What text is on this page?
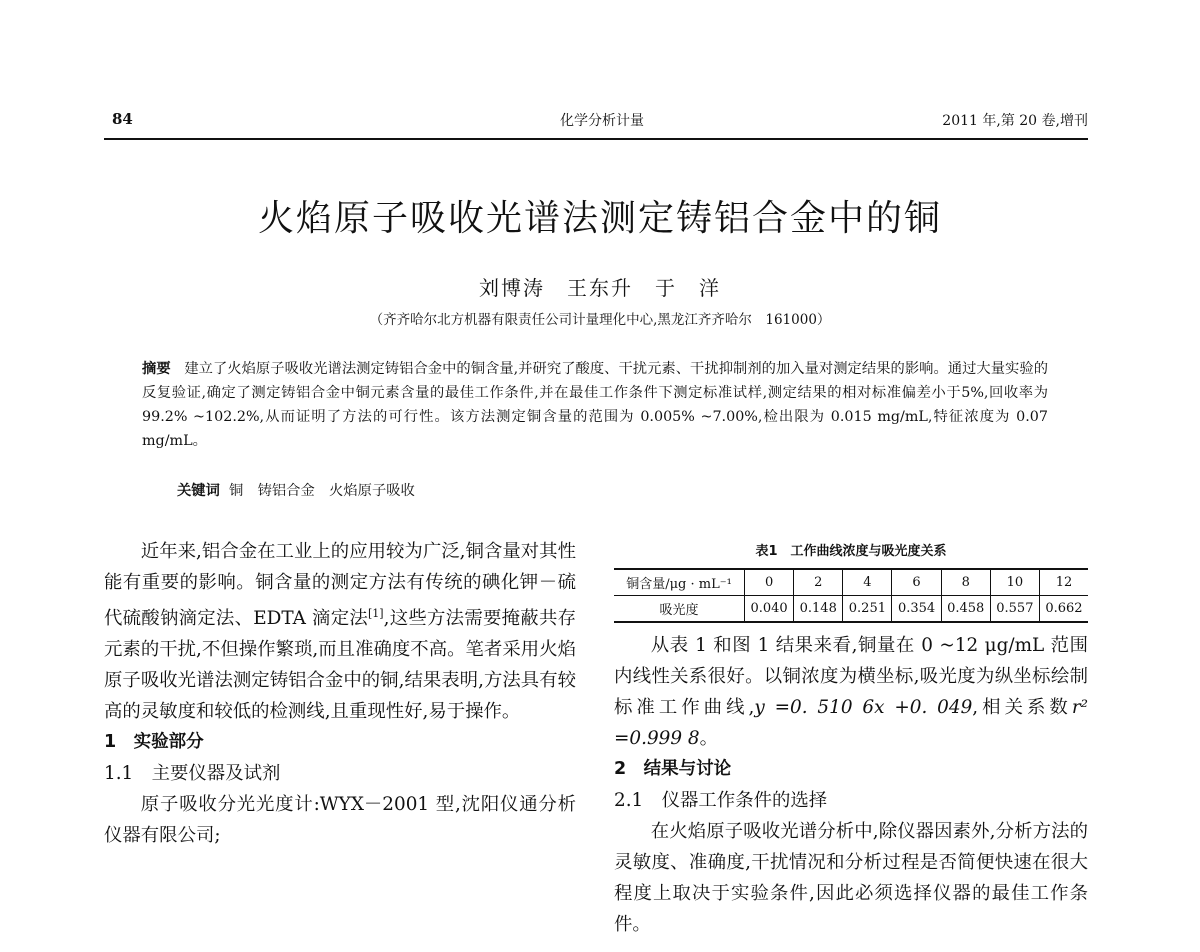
84	化学分析计量	2011 年,第 20 卷,增刊
火焰原子吸收光谱法测定铸铝合金中的铜
刘博涛　王东升　于　洋
（齐齐哈尔北方机器有限责任公司计量理化中心,黑龙江齐齐哈尔　161000）
摘要 建立了火焰原子吸收光谱法测定铸铝合金中的铜含量,并研究了酸度、干扰元素、干扰抑制剂的加入量对测定结果的影响。通过大量实验的反复验证,确定了测定铸铝合金中铜元素含量的最佳工作条件,并在最佳工作条件下测定标准试样,测定结果的相对标准偏差小于5%,回收率为 99.2% ~102.2%,从而证明了方法的可行性。该方法测定铜含量的范围为 0.005% ~7.00%,检出限为 0.015 mg/mL,特征浓度为 0.07 mg/mL。
关键词 铜　铸铝合金　火焰原子吸收

近年来,铝合金在工业上的应用较为广泛,铜含量对其性能有重要的影响。铜含量的测定方法有传统的碘化钾－硫代硫酸钠滴定法、EDTA 滴定法[1],这些方法需要掩蔽共存元素的干扰,不但操作繁琐,而且准确度不高。笔者采用火焰原子吸收光谱法测定铸铝合金中的铜,结果表明,方法具有较高的灵敏度和较低的检测线,且重现性好,易于操作。

1　实验部分

1.1　主要仪器及试剂

原子吸收分光光度计:WYX－2001 型,沈阳仪通分析仪器有限公司;

表1　工作曲线浓度与吸光度关系
铜含量/μg · mL⁻¹	0	2	4	6	8	10	12
吸光度	0.040	0.148	0.251	0.354	0.458	0.557	0.662

从表 1 和图 1 结果来看,铜量在 0 ~12 μg/mL 范围内线性关系很好。以铜浓度为横坐标,吸光度为纵坐标绘制标准工作曲线,y =0. 510 6x +0. 049,相关系数r² =0.999 8。

2　结果与讨论

2.1　仪器工作条件的选择

在火焰原子吸收光谱分析中,除仪器因素外,分析方法的灵敏度、准确度,干扰情况和分析过程是否简便快速在很大程度上取决于实验条件,因此必须选择仪器的最佳工作条件。
